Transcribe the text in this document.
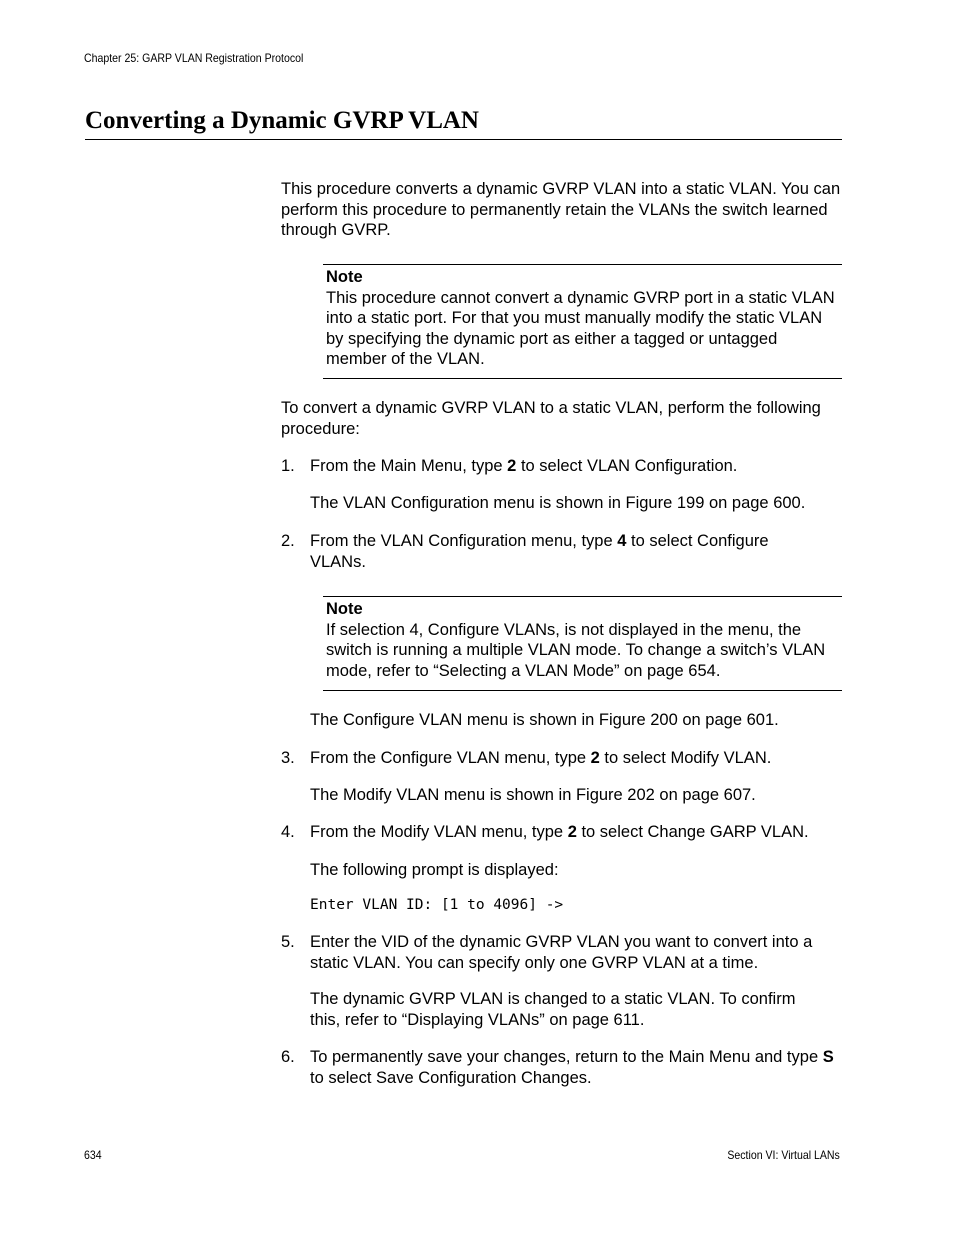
Chapter 25: GARP VLAN Registration Protocol
Converting a Dynamic GVRP VLAN
This procedure converts a dynamic GVRP VLAN into a static VLAN. You can perform this procedure to permanently retain the VLANs the switch learned through GVRP.
Note
This procedure cannot convert a dynamic GVRP port in a static VLAN into a static port. For that you must manually modify the static VLAN by specifying the dynamic port as either a tagged or untagged member of the VLAN.
To convert a dynamic GVRP VLAN to a static VLAN, perform the following procedure:
1. From the Main Menu, type 2 to select VLAN Configuration.
The VLAN Configuration menu is shown in Figure 199 on page 600.
2. From the VLAN Configuration menu, type 4 to select Configure VLANs.
Note
If selection 4, Configure VLANs, is not displayed in the menu, the switch is running a multiple VLAN mode. To change a switch’s VLAN mode, refer to “Selecting a VLAN Mode” on page 654.
The Configure VLAN menu is shown in Figure 200 on page 601.
3. From the Configure VLAN menu, type 2 to select Modify VLAN.
The Modify VLAN menu is shown in Figure 202 on page 607.
4. From the Modify VLAN menu, type 2 to select Change GARP VLAN.
The following prompt is displayed:
Enter VLAN ID: [1 to 4096] ->
5. Enter the VID of the dynamic GVRP VLAN you want to convert into a static VLAN. You can specify only one GVRP VLAN at a time.
The dynamic GVRP VLAN is changed to a static VLAN. To confirm this, refer to “Displaying VLANs” on page 611.
6. To permanently save your changes, return to the Main Menu and type S to select Save Configuration Changes.
634	Section VI: Virtual LANs
